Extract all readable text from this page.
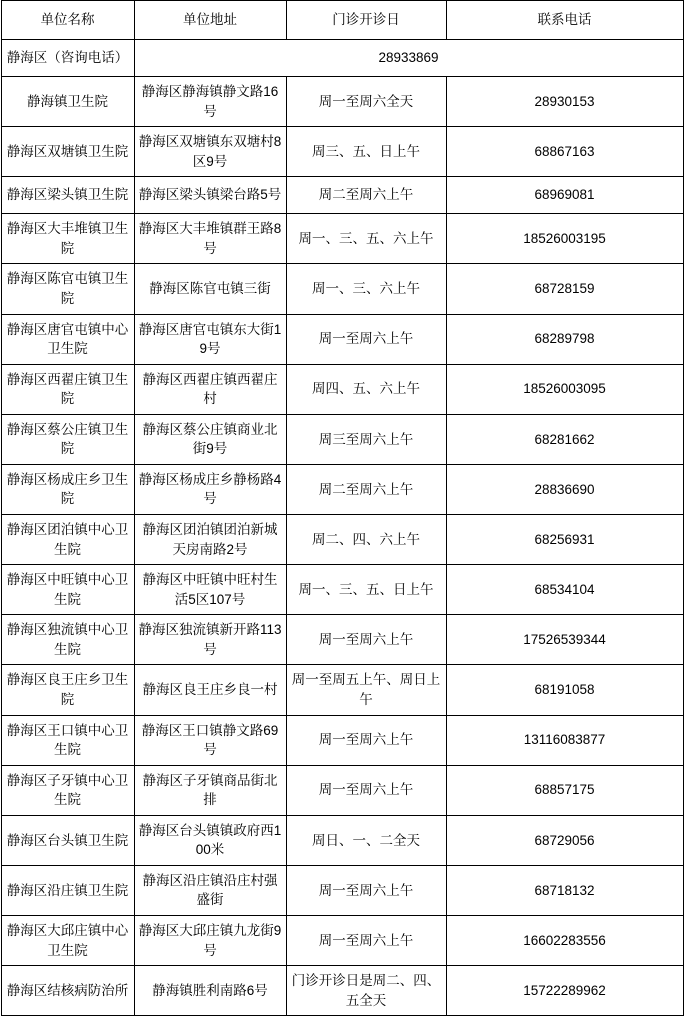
单位名称	单位地址	门诊开诊日	联系电话
静海区（咨询电话）	28933869		
静海镇卫生院	静海区静海镇静文路16号	周一至周六全天	28930153
静海区双塘镇卫生院	静海区双塘镇东双塘村8区9号	周三、五、日上午	68867163
静海区梁头镇卫生院	静海区梁头镇梁台路5号	周二至周六上午	68969081
静海区大丰堆镇卫生院	静海区大丰堆镇群王路8号	周一、三、五、六上午	18526003195
静海区陈官屯镇卫生院	静海区陈官屯镇三街	周一、三、六上午	68728159
静海区唐官屯镇中心卫生院	静海区唐官屯镇东大街19号	周一至周六上午	68289798
静海区西翟庄镇卫生院	静海区西翟庄镇西翟庄村	周四、五、六上午	18526003095
静海区蔡公庄镇卫生院	静海区蔡公庄镇商业北街9号	周三至周六上午	68281662
静海区杨成庄乡卫生院	静海区杨成庄乡静杨路4号	周二至周六上午	28836690
静海区团泊镇中心卫生院	静海区团泊镇团泊新城天房南路2号	周二、四、六上午	68256931
静海区中旺镇中心卫生院	静海区中旺镇中旺村生活5区107号	周一、三、五、日上午	68534104
静海区独流镇中心卫生院	静海区独流镇新开路113号	周一至周六上午	17526539344
静海区良王庄乡卫生院	静海区良王庄乡良一村	周一至周五上午、周日上午	68191058
静海区王口镇中心卫生院	静海区王口镇静文路69号	周一至周六上午	13116083877
静海区子牙镇中心卫生院	静海区子牙镇商品街北排	周一至周六上午	68857175
静海区台头镇卫生院	静海区台头镇镇政府西100米	周日、一、二全天	68729056
静海区沿庄镇卫生院	静海区沿庄镇沿庄村强盛街	周一至周六上午	68718132
静海区大邱庄镇中心卫生院	静海区大邱庄镇九龙街9号	周一至周六上午	16602283556
静海区结核病防治所	静海镇胜利南路6号	门诊开诊日是周二、四、五全天	15722289962
